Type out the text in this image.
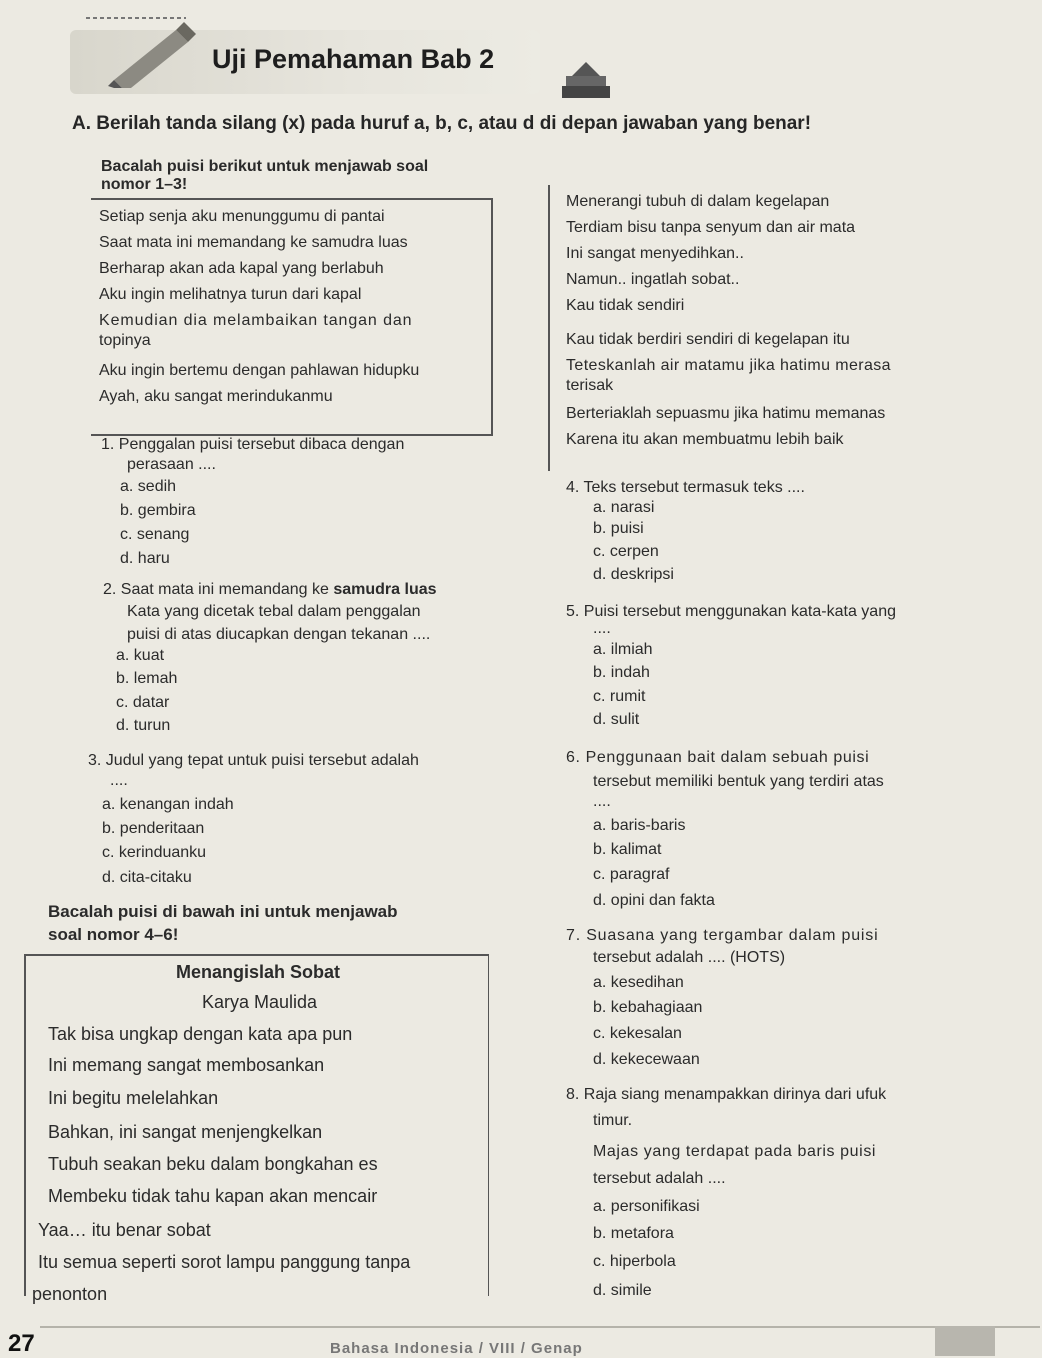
Uji Pemahaman Bab 2
A. Berilah tanda silang (x) pada huruf a, b, c, atau d di depan jawaban yang benar!
Bacalah puisi berikut untuk menjawab soal
nomor 1–3!
Setiap senja aku menunggumu di pantai
Saat mata ini memandang ke samudra luas
Berharap akan ada kapal yang berlabuh
Aku ingin melihatnya turun dari kapal
Kemudian dia melambaikan tangan dan
topinya
Aku ingin bertemu dengan pahlawan hidupku
Ayah, aku sangat merindukanmu
Menerangi tubuh di dalam kegelapan
Terdiam bisu tanpa senyum dan air mata
Ini sangat menyedihkan..
Namun.. ingatlah sobat..
Kau tidak sendiri
Kau tidak berdiri sendiri di kegelapan itu
Teteskanlah air matamu jika hatimu merasa
terisak
Berteriaklah sepuasmu jika hatimu memanas
Karena itu akan membuatmu lebih baik
1. Penggalan puisi tersebut dibaca dengan
perasaan ....
a. sedih
b. gembira
c. senang
d. haru
2. Saat mata ini memandang ke samudra luas
Kata yang dicetak tebal dalam penggalan
puisi di atas diucapkan dengan tekanan ....
a. kuat
b. lemah
c. datar
d. turun
3. Judul yang tepat untuk puisi tersebut adalah
....
a. kenangan indah
b. penderitaan
c. kerinduanku
d. cita-citaku
Bacalah puisi di bawah ini untuk menjawab
soal nomor 4–6!
Menangislah Sobat
Karya Maulida
Tak bisa ungkap dengan kata apa pun
Ini memang sangat membosankan
Ini begitu melelahkan
Bahkan, ini sangat menjengkelkan
Tubuh seakan beku dalam bongkahan es
Membeku tidak tahu kapan akan mencair
Yaa… itu benar sobat
Itu semua seperti sorot lampu panggung tanpa
penonton
4. Teks tersebut termasuk teks ....
a. narasi
b. puisi
c. cerpen
d. deskripsi
5. Puisi tersebut menggunakan kata-kata yang
....
a. ilmiah
b. indah
c. rumit
d. sulit
6. Penggunaan bait dalam sebuah puisi
tersebut memiliki bentuk yang terdiri atas
....
a. baris-baris
b. kalimat
c. paragraf
d. opini dan fakta
7. Suasana yang tergambar dalam puisi
tersebut adalah .... (HOTS)
a. kesedihan
b. kebahagiaan
c. kekesalan
d. kekecewaan
8. Raja siang menampakkan dirinya dari ufuk
timur.
Majas yang terdapat pada baris puisi
tersebut adalah ....
a. personifikasi
b. metafora
c. hiperbola
d. simile
27	Bahasa Indonesia / VIII / Genap
